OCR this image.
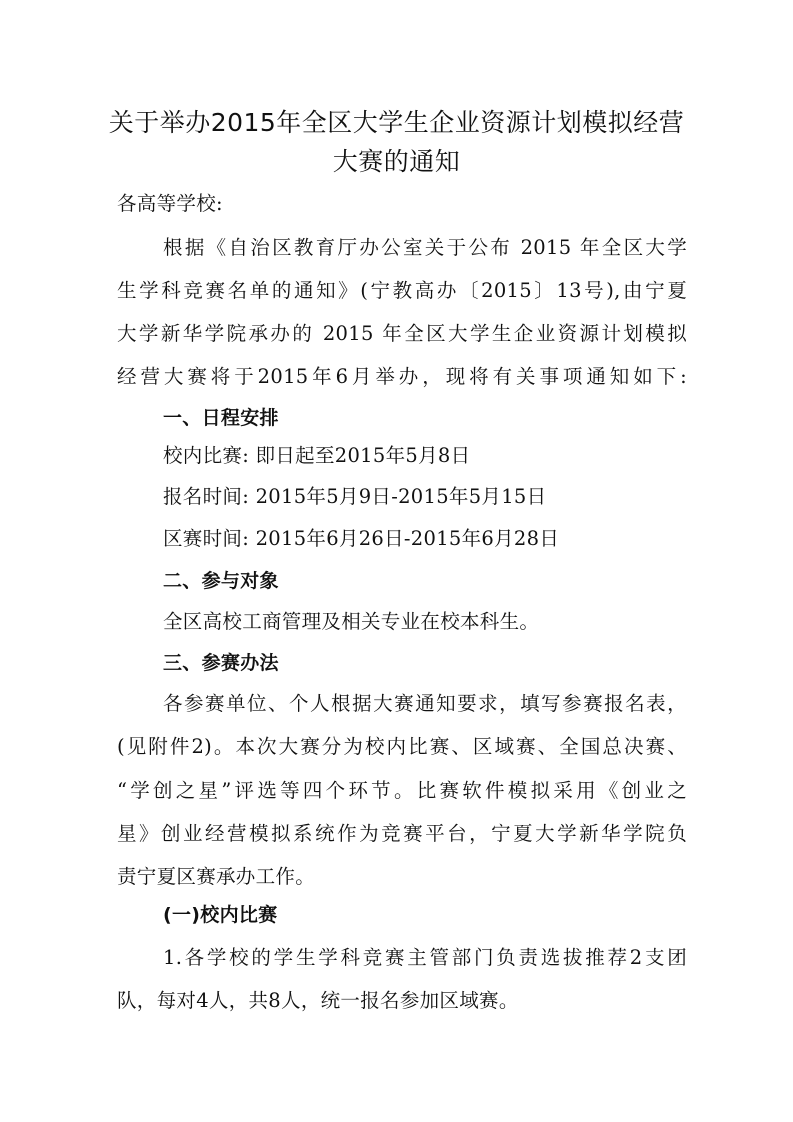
关于举办2015年全区大学生企业资源计划模拟经营
大赛的通知

各高等学校:

根据《自治区教育厅办公室关于公布 2015 年全区大学

生学科竞赛名单的通知》(宁教高办〔2015〕13号),由宁夏

大学新华学院承办的 2015 年全区大学生企业资源计划模拟

经营大赛将于2015年6月举办，现将有关事项通知如下:

一、日程安排

校内比赛: 即日起至2015年5月8日

报名时间: 2015年5月9日-2015年5月15日

区赛时间: 2015年6月26日-2015年6月28日

二、参与对象

全区高校工商管理及相关专业在校本科生。

三、参赛办法

各参赛单位、个人根据大赛通知要求，填写参赛报名表，

(见附件2)。本次大赛分为校内比赛、区域赛、全国总决赛、

“学创之星”评选等四个环节。比赛软件模拟采用《创业之

星》创业经营模拟系统作为竞赛平台，宁夏大学新华学院负

责宁夏区赛承办工作。

(一)校内比赛

1.各学校的学生学科竞赛主管部门负责选拔推荐2支团

队，每对4人，共8人，统一报名参加区域赛。
